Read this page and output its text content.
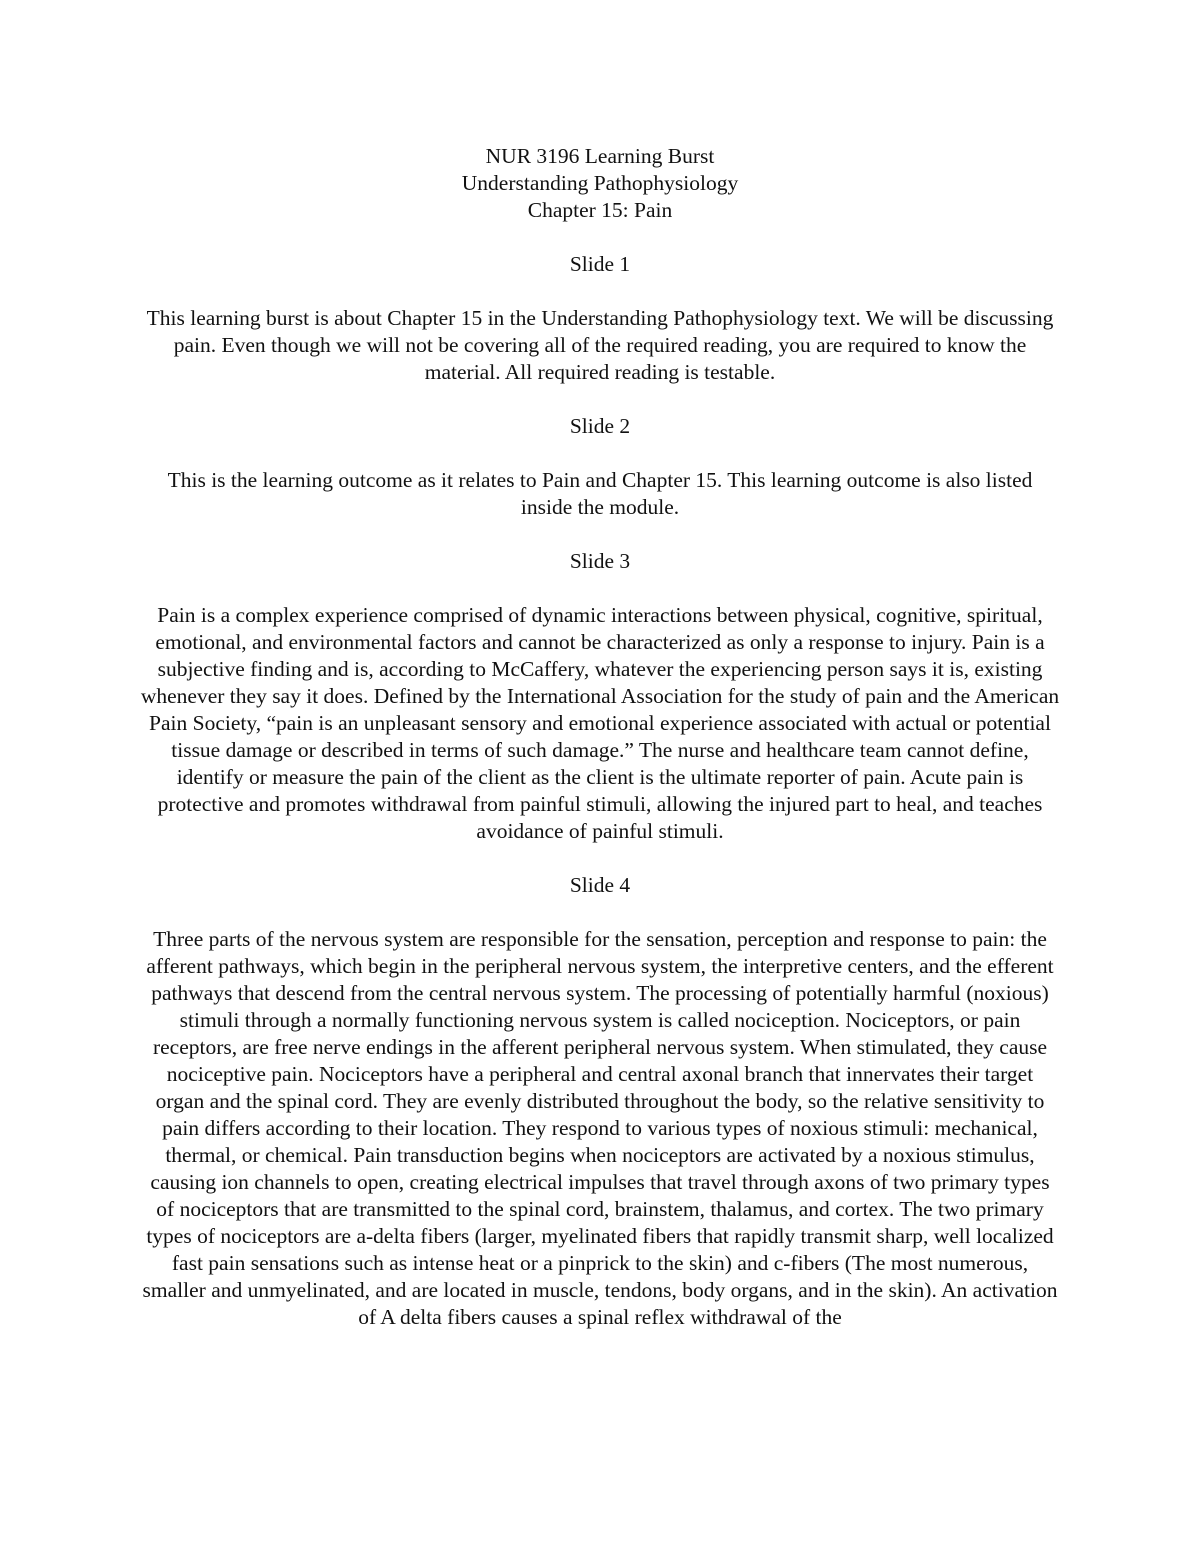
NUR 3196 Learning Burst

Understanding Pathophysiology

Chapter 15: Pain

Slide 1

This learning burst is about Chapter 15 in the Understanding Pathophysiology text. We will be discussing pain. Even though we will not be covering all of the required reading, you are required to know the material. All required reading is testable.

Slide 2

This is the learning outcome as it relates to Pain and Chapter 15. This learning outcome is also listed inside the module.

Slide 3

Pain is a complex experience comprised of dynamic interactions between physical, cognitive, spiritual, emotional, and environmental factors and cannot be characterized as only a response to injury. Pain is a subjective finding and is, according to McCaffery, whatever the experiencing person says it is, existing whenever they say it does. Defined by the International Association for the study of pain and the American Pain Society, “pain is an unpleasant sensory and emotional experience associated with actual or potential tissue damage or described in terms of such damage.” The nurse and healthcare team cannot define, identify or measure the pain of the client as the client is the ultimate reporter of pain. Acute pain is protective and promotes withdrawal from painful stimuli, allowing the injured part to heal, and teaches avoidance of painful stimuli.

Slide 4

Three parts of the nervous system are responsible for the sensation, perception and response to pain: the afferent pathways, which begin in the peripheral nervous system, the interpretive centers, and the efferent pathways that descend from the central nervous system. The processing of potentially harmful (noxious) stimuli through a normally functioning nervous system is called nociception. Nociceptors, or pain receptors, are free nerve endings in the afferent peripheral nervous system. When stimulated, they cause nociceptive pain. Nociceptors have a peripheral and central axonal branch that innervates their target organ and the spinal cord. They are evenly distributed throughout the body, so the relative sensitivity to pain differs according to their location. They respond to various types of noxious stimuli: mechanical, thermal, or chemical. Pain transduction begins when nociceptors are activated by a noxious stimulus, causing ion channels to open, creating electrical impulses that travel through axons of two primary types of nociceptors that are transmitted to the spinal cord, brainstem, thalamus, and cortex. The two primary types of nociceptors are a-delta fibers (larger, myelinated fibers that rapidly transmit sharp, well localized fast pain sensations such as intense heat or a pinprick to the skin) and c-fibers (The most numerous, smaller and unmyelinated, and are located in muscle, tendons, body organs, and in the skin). An activation of A delta fibers causes a spinal reflex withdrawal of the
